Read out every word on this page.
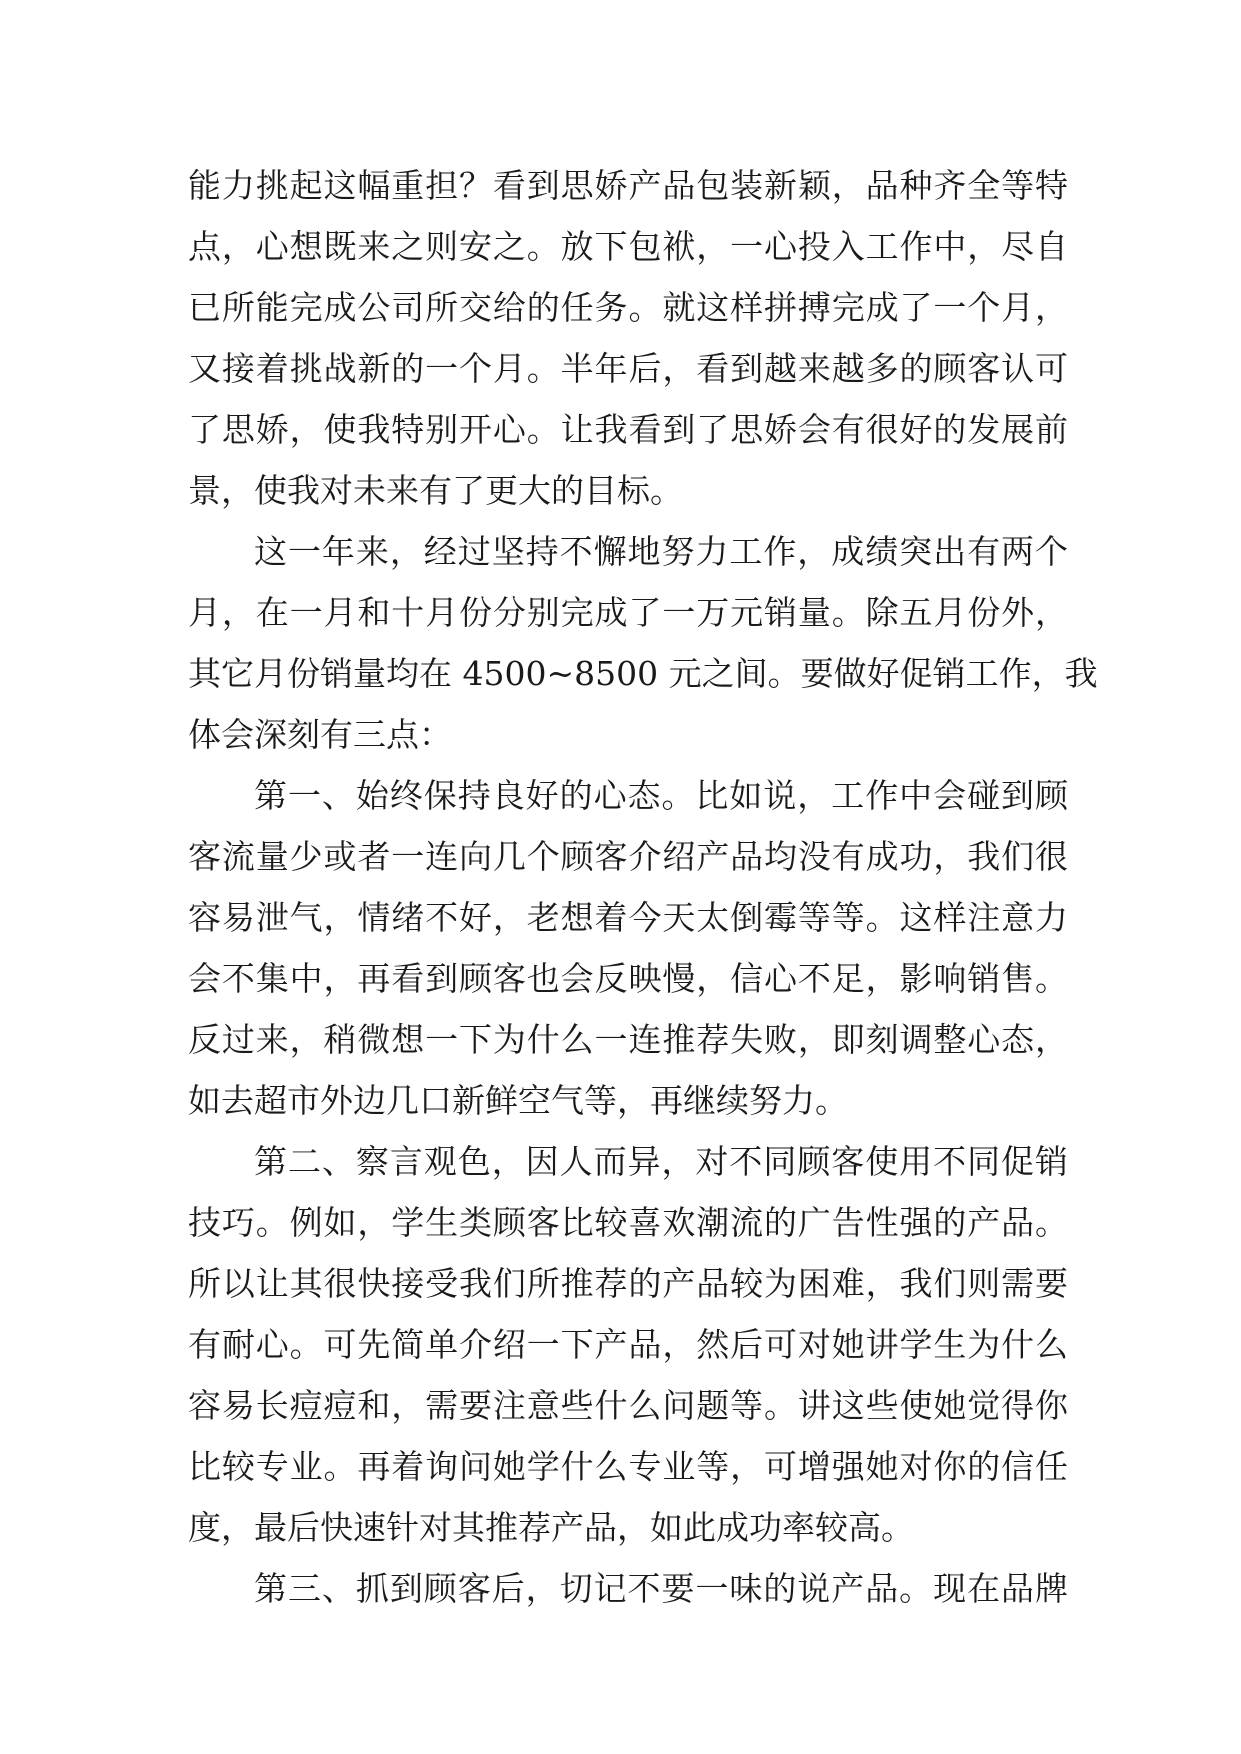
能力挑起这幅重担？看到思娇产品包装新颖，品种齐全等特
点，心想既来之则安之。放下包袱，一心投入工作中，尽自
已所能完成公司所交给的任务。就这样拼搏完成了一个月，
又接着挑战新的一个月。半年后，看到越来越多的顾客认可
了思娇，使我特别开心。让我看到了思娇会有很好的发展前
景，使我对未来有了更大的目标。
这一年来，经过坚持不懈地努力工作，成绩突出有两个
月，在一月和十月份分别完成了一万元销量。除五月份外，
其它月份销量均在 4500~8500 元之间。要做好促销工作，我
体会深刻有三点：
第一、始终保持良好的心态。比如说，工作中会碰到顾
客流量少或者一连向几个顾客介绍产品均没有成功，我们很
容易泄气，情绪不好，老想着今天太倒霉等等。这样注意力
会不集中，再看到顾客也会反映慢，信心不足，影响销售。
反过来，稍微想一下为什么一连推荐失败，即刻调整心态，
如去超市外边几口新鲜空气等，再继续努力。
第二、察言观色，因人而异，对不同顾客使用不同促销
技巧。例如，学生类顾客比较喜欢潮流的广告性强的产品。
所以让其很快接受我们所推荐的产品较为困难，我们则需要
有耐心。可先简单介绍一下产品，然后可对她讲学生为什么
容易长痘痘和，需要注意些什么问题等。讲这些使她觉得你
比较专业。再着询问她学什么专业等，可增强她对你的信任
度，最后快速针对其推荐产品，如此成功率较高。
第三、抓到顾客后，切记不要一味的说产品。现在品牌
